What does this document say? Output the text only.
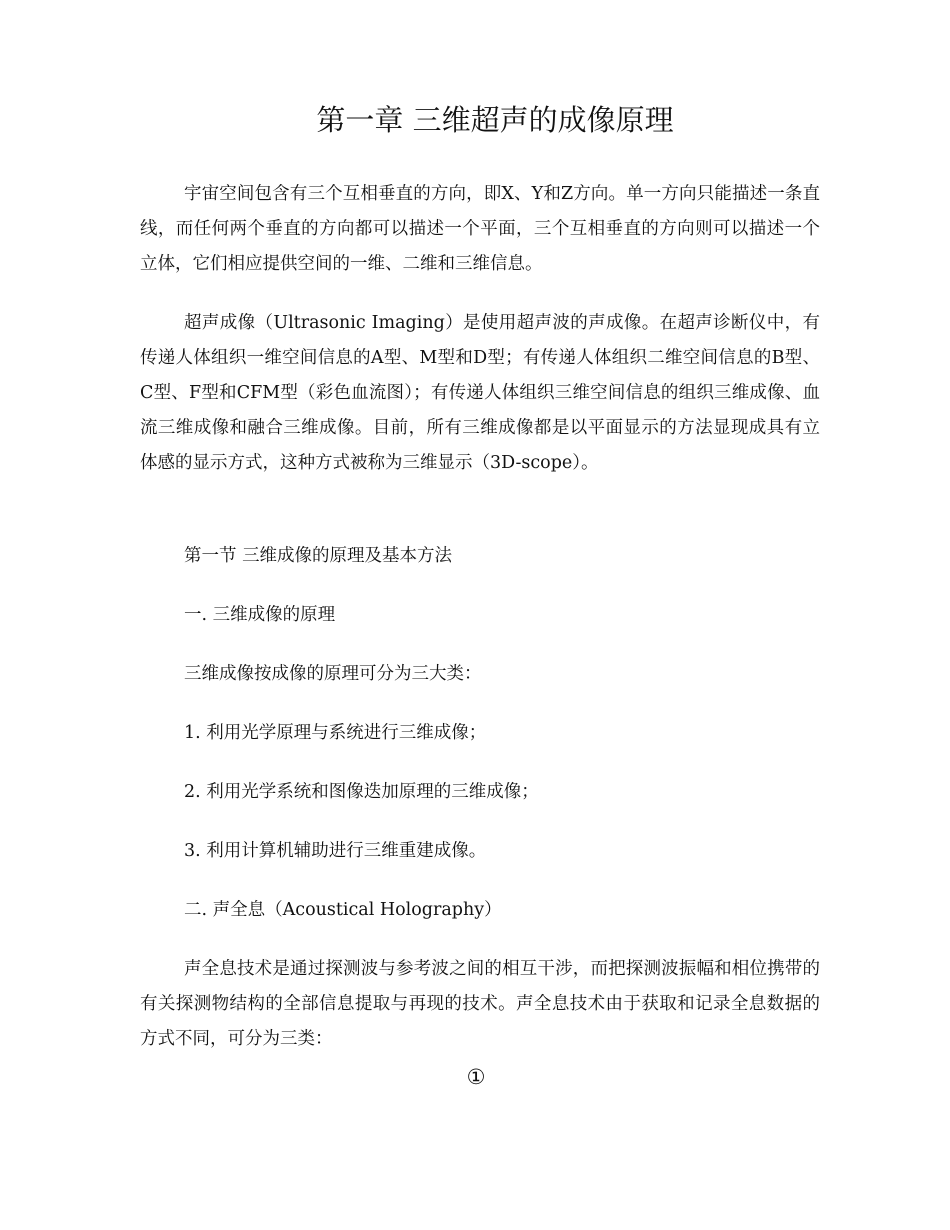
第一章 三维超声的成像原理

宇宙空间包含有三个互相垂直的方向，即X、Y和Z方向。单一方向只能描述一条直线，而任何两个垂直的方向都可以描述一个平面，三个互相垂直的方向则可以描述一个立体，它们相应提供空间的一维、二维和三维信息。

超声成像（Ultrasonic Imaging）是使用超声波的声成像。在超声诊断仪中，有传递人体组织一维空间信息的A型、M型和D型；有传递人体组织二维空间信息的B型、C型、F型和CFM型（彩色血流图）；有传递人体组织三维空间信息的组织三维成像、血流三维成像和融合三维成像。目前，所有三维成像都是以平面显示的方法显现成具有立体感的显示方式，这种方式被称为三维显示（3D-scope）。

第一节 三维成像的原理及基本方法
一. 三维成像的原理
三维成像按成像的原理可分为三大类：
1. 利用光学原理与系统进行三维成像；
2. 利用光学系统和图像迭加原理的三维成像；
3. 利用计算机辅助进行三维重建成像。
二. 声全息（Acoustical Holography）

声全息技术是通过探测波与参考波之间的相互干涉，而把探测波振幅和相位携带的有关探测物结构的全部信息提取与再现的技术。声全息技术由于获取和记录全息数据的方式不同，可分为三类：

①
